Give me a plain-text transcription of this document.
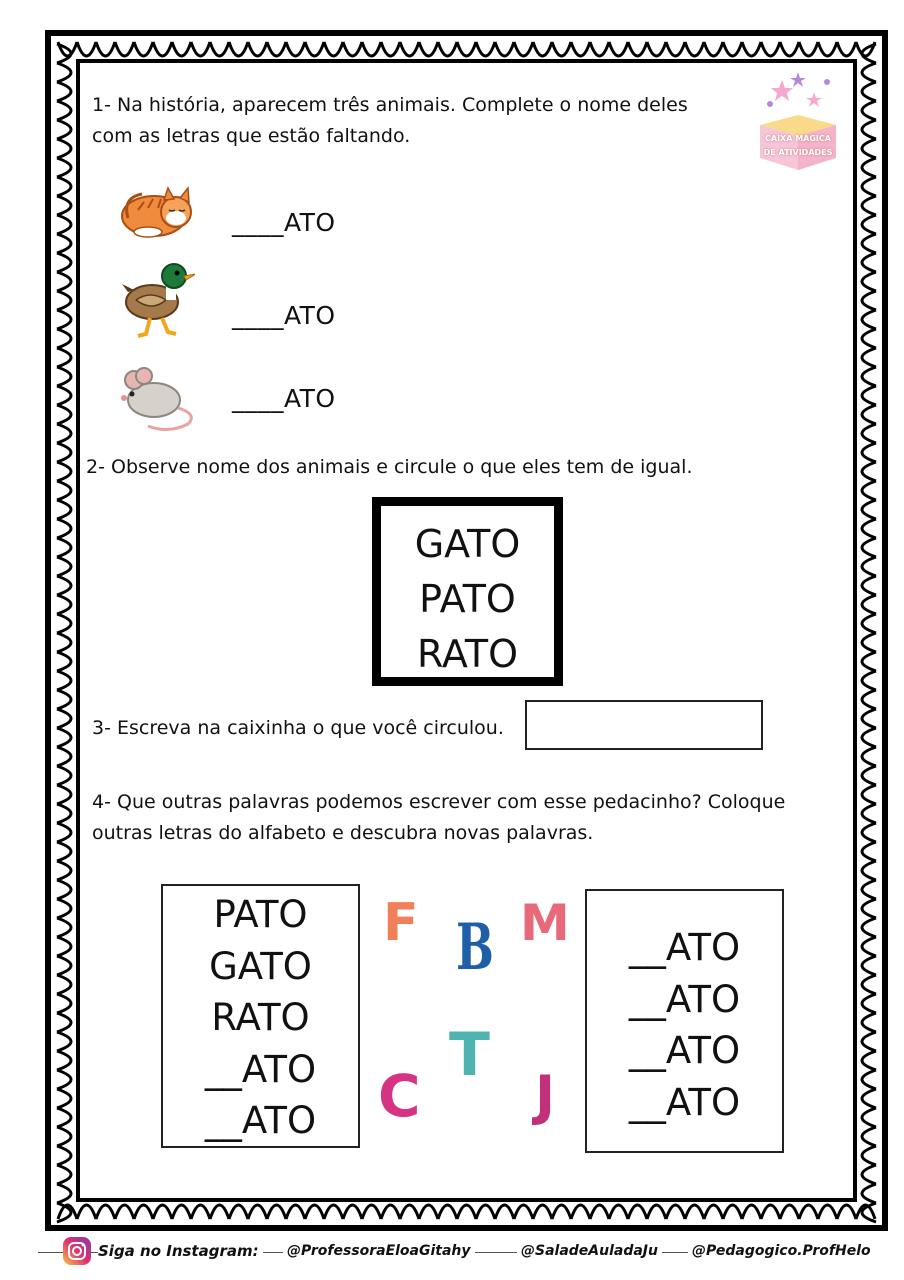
CAIXA MÁGICA
DE ATIVIDADES
1- Na história, aparecem três animais. Complete o nome deles
com as letras que estão faltando.
____ATO
____ATO
____ATO
2- Observe nome dos animais e circule o que eles tem de igual.
GATO
PATO
RATO
3- Escreva na caixinha o que você circulou.
4- Que outras palavras podemos escrever com esse pedacinho? Coloque
outras letras do alfabeto e descubra novas palavras.
PATO
GATO
RATO
__ATO
__ATO
F B M
T
C J
__ATO
__ATO
__ATO
__ATO
Siga no Instagram: @ProfessoraEloaGitahy	@SaladeAuladaJu @Pedagogico.ProfHelo
